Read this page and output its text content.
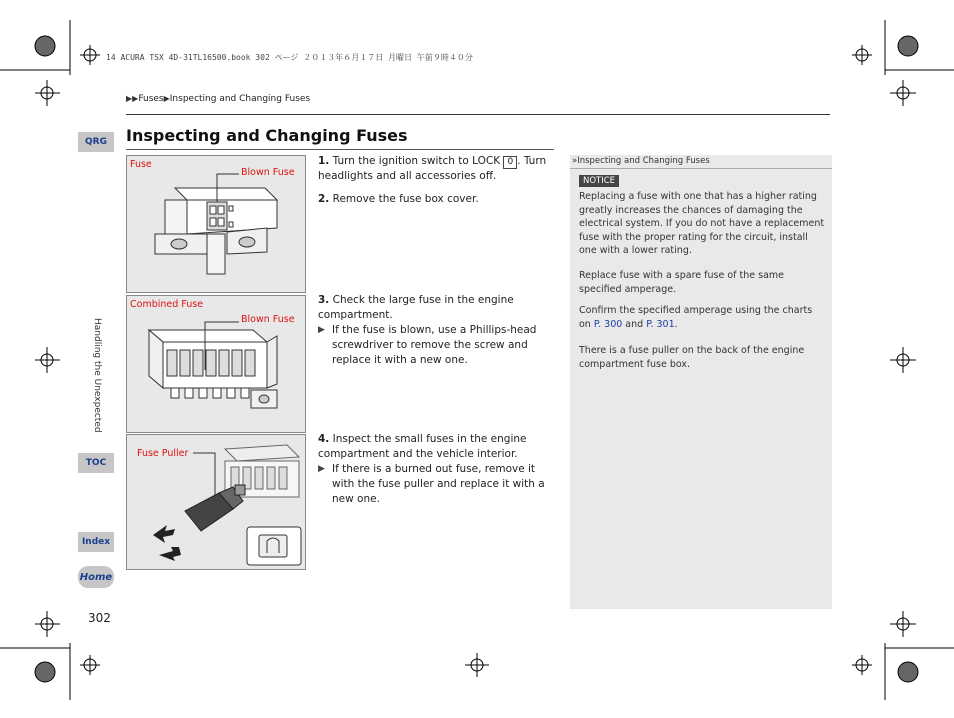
14 ACURA TSX 4D-31TL16500.book 302 ページ ２０１３年６月１７日 月曜日 午前９時４０分
▶▶Fuses▶Inspecting and Changing Fuses
Inspecting and Changing Fuses
QRG
Handling the Unexpected
TOC
Index
Home
302
Fuse
Blown Fuse
Combined Fuse
Blown Fuse
Fuse Puller
1. Turn the ignition switch to LOCK 0 . Turn headlights and all accessories off.
2. Remove the fuse box cover.
3. Check the large fuse in the engine compartment.
▶ If the fuse is blown, use a Phillips-head screwdriver to remove the screw and replace it with a new one.
4. Inspect the small fuses in the engine compartment and the vehicle interior.
▶ If there is a burned out fuse, remove it with the fuse puller and replace it with a new one.
»Inspecting and Changing Fuses
NOTICE
Replacing a fuse with one that has a higher rating greatly increases the chances of damaging the electrical system. If you do not have a replacement fuse with the proper rating for the circuit, install one with a lower rating.
Replace fuse with a spare fuse of the same specified amperage.
Confirm the specified amperage using the charts on P. 300 and P. 301.
There is a fuse puller on the back of the engine compartment fuse box.
